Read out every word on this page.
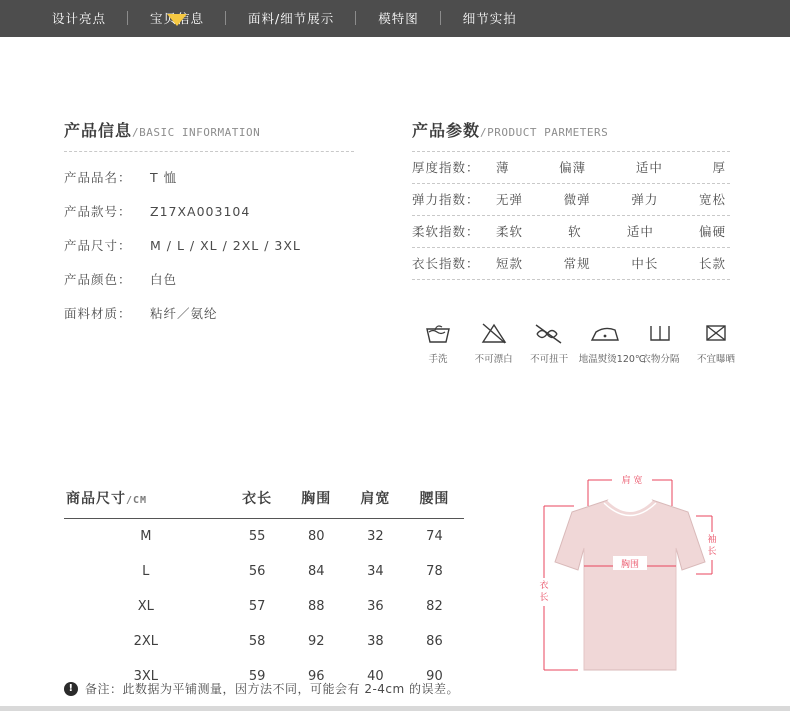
设计亮点	宝贝信息	面料/细节展示	模特图	细节实拍
产品信息/BASIC INFORMATION
产品品名：	T 恤
产品款号：	Z17XA003104
产品尺寸：	M / L / XL / 2XL / 3XL
产品颜色：	白色
面料材质：	粘纤／氨纶
产品参数/PRODUCT PARMETERS
厚度指数：	薄	偏薄	适中	厚
弹力指数：	无弹	微弹	弹力	宽松
柔软指数：	柔软	软	适中	偏硬
衣长指数：	短款	常规	中长	长款
手洗	不可漂白	不可扭干	地温熨烫120℃
衣物分隔	不宜曝晒
商品尺寸/CM	衣长	胸围	肩宽	腰围
M	55	80	32	74
L	56	84	34	78
XL	57	88	36	82
2XL	58	92	38	86
3XL	59	96	40	90
! 备注：此数据为平铺测量，因方法不同，可能会有 2-4cm 的误差。
肩 宽
袖
长
胸围
衣
长
